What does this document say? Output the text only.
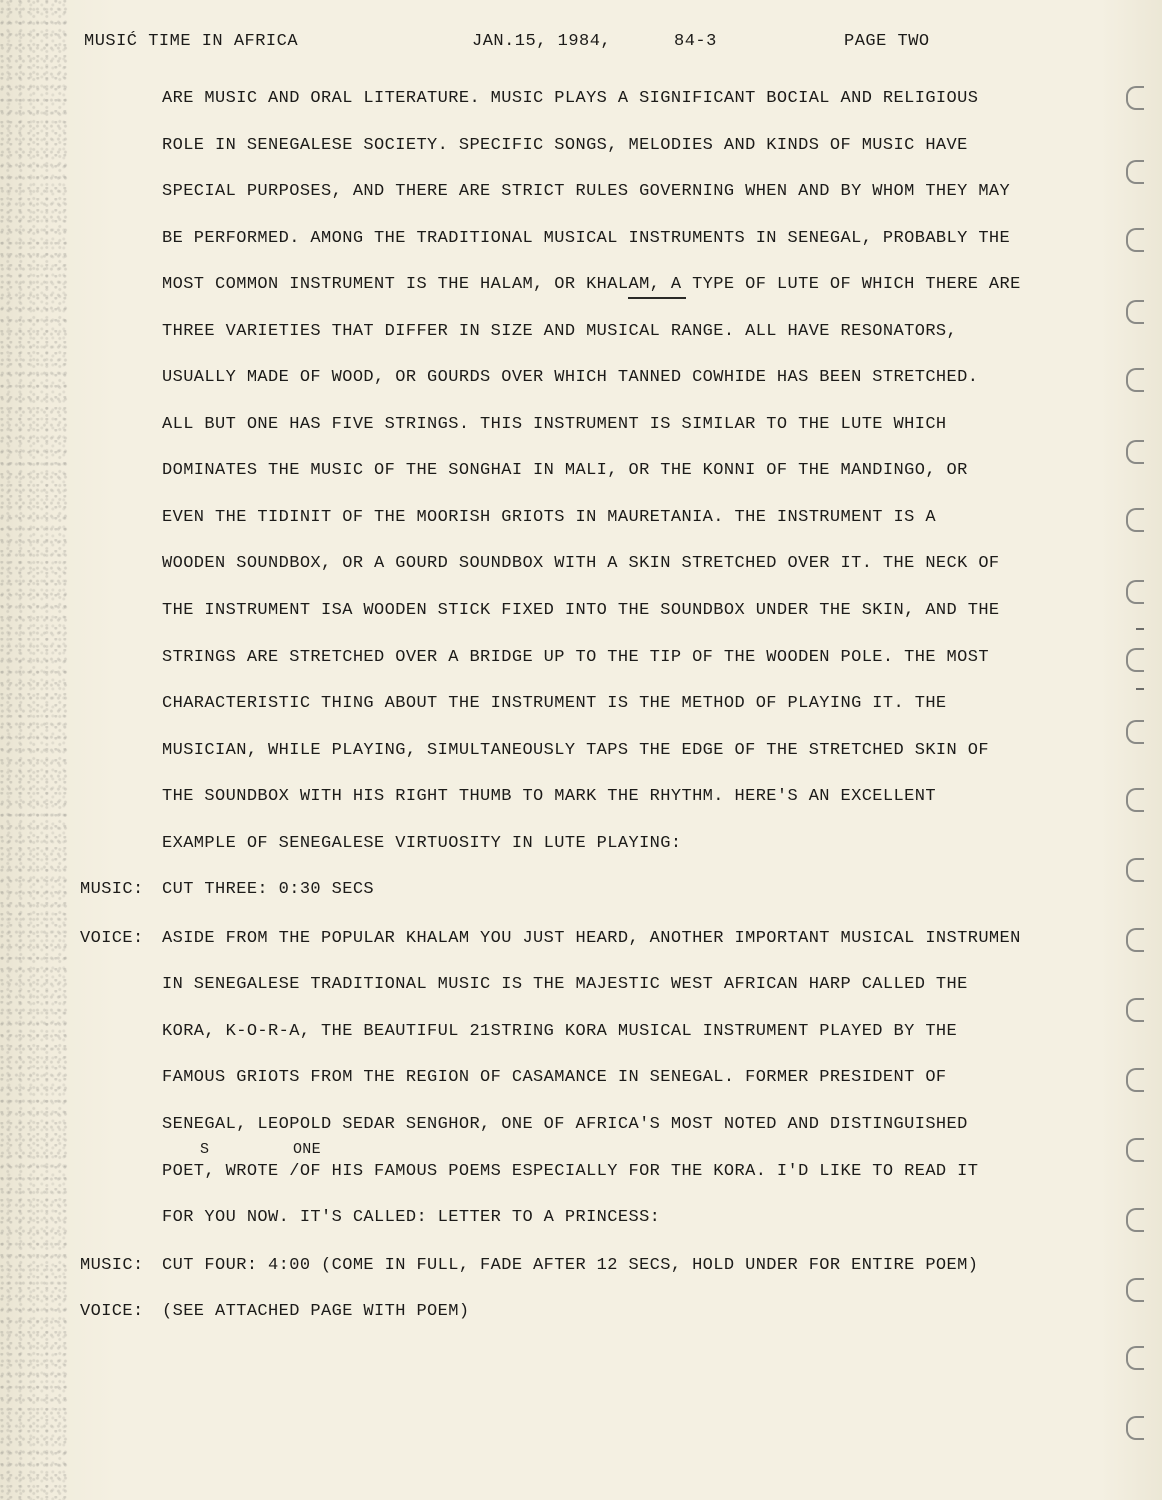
MUSIĆ TIME IN AFRICA	JAN.15, 1984,	84-3	PAGE TWO
ARE MUSIC AND ORAL LITERATURE. MUSIC PLAYS A SIGNIFICANT BOCIAL AND RELIGIOUS
ROLE IN SENEGALESE SOCIETY. SPECIFIC SONGS, MELODIES AND KINDS OF MUSIC HAVE
SPECIAL PURPOSES, AND THERE ARE STRICT RULES GOVERNING WHEN AND BY WHOM THEY MAY
BE PERFORMED. AMONG THE TRADITIONAL MUSICAL INSTRUMENTS IN SENEGAL, PROBABLY THE
MOST COMMON INSTRUMENT IS THE HALAM, OR KHALAM, A TYPE OF LUTE OF WHICH THERE ARE
THREE VARIETIES THAT DIFFER IN SIZE AND MUSICAL RANGE. ALL HAVE RESONATORS,
USUALLY MADE OF WOOD, OR GOURDS OVER WHICH TANNED COWHIDE HAS BEEN STRETCHED.
ALL BUT ONE HAS FIVE STRINGS. THIS INSTRUMENT IS SIMILAR TO THE LUTE WHICH
DOMINATES THE MUSIC OF THE SONGHAI IN MALI, OR THE KONNI OF THE MANDINGO, OR
EVEN THE TIDINIT OF THE MOORISH GRIOTS IN MAURETANIA. THE INSTRUMENT IS A
WOODEN SOUNDBOX, OR A GOURD SOUNDBOX WITH A SKIN STRETCHED OVER IT. THE NECK OF
THE INSTRUMENT ISA WOODEN STICK FIXED INTO THE SOUNDBOX UNDER THE SKIN, AND THE
STRINGS ARE STRETCHED OVER A BRIDGE UP TO THE TIP OF THE WOODEN POLE. THE MOST
CHARACTERISTIC THING ABOUT THE INSTRUMENT IS THE METHOD OF PLAYING IT. THE
MUSICIAN, WHILE PLAYING, SIMULTANEOUSLY TAPS THE EDGE OF THE STRETCHED SKIN OF
THE SOUNDBOX WITH HIS RIGHT THUMB TO MARK THE RHYTHM. HERE'S AN EXCELLENT
EXAMPLE OF SENEGALESE VIRTUOSITY IN LUTE PLAYING:
MUSIC: CUT THREE: 0:30 SECS
VOICE: ASIDE FROM THE POPULAR KHALAM YOU JUST HEARD, ANOTHER IMPORTANT MUSICAL INSTRUMEN
IN SENEGALESE TRADITIONAL MUSIC IS THE MAJESTIC WEST AFRICAN HARP CALLED THE
KORA, K-O-R-A, THE BEAUTIFUL 21STRING KORA MUSICAL INSTRUMENT PLAYED BY THE
FAMOUS GRIOTS FROM THE REGION OF CASAMANCE IN SENEGAL. FORMER PRESIDENT OF
SENEGAL, LEOPOLD SEDAR SENGHOR, ONE OF AFRICA'S MOST NOTED AND DISTINGUISHED
S	ONE
POET, WROTE /OF HIS FAMOUS POEMS ESPECIALLY FOR THE KORA. I'D LIKE TO READ IT
FOR YOU NOW. IT'S CALLED: LETTER TO A PRINCESS:
MUSIC: CUT FOUR: 4:00 (COME IN FULL, FADE AFTER 12 SECS, HOLD UNDER FOR ENTIRE POEM)
VOICE: (SEE ATTACHED PAGE WITH POEM)
